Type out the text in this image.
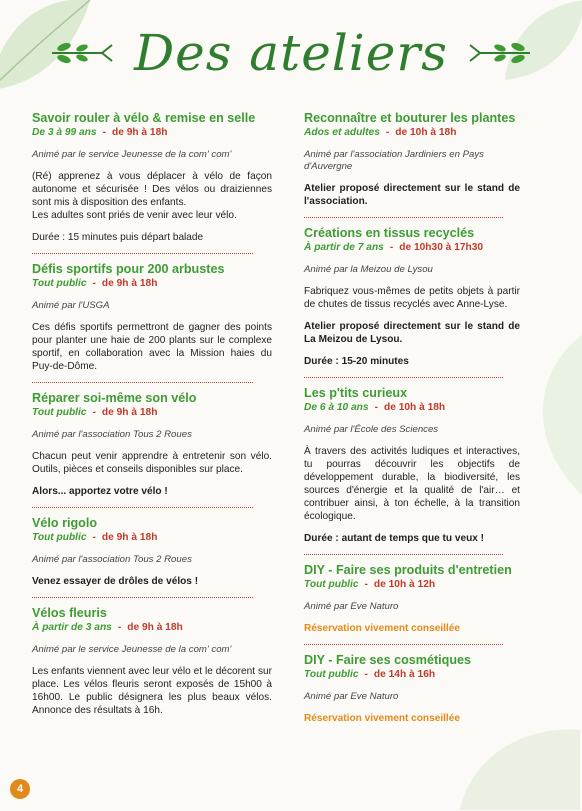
Des ateliers
Savoir rouler à vélo & remise en selle
De 3 à 99 ans - de 9h à 18h
Animé par le service Jeunesse de la com' com'
(Ré) apprenez à vous déplacer à vélo de façon autonome et sécurisée ! Des vélos ou draiziennes sont mis à disposition des enfants.
Les adultes sont priés de venir avec leur vélo.
Durée : 15 minutes puis départ balade
Défis sportifs pour 200 arbustes
Tout public - de 9h à 18h
Animé par l'USGA
Ces défis sportifs permettront de gagner des points pour planter une haie de 200 plants sur le complexe sportif, en collaboration avec la Mission haies du Puy-de-Dôme.
Réparer soi-même son vélo
Tout public - de 9h à 18h
Animé par l'association Tous 2 Roues
Chacun peut venir apprendre à entretenir son vélo. Outils, pièces et conseils disponibles sur place.
Alors... apportez votre vélo !
Vélo rigolo
Tout public - de 9h à 18h
Animé par l'association Tous 2 Roues
Venez essayer de drôles de vélos !
Vélos fleuris
À partir de 3 ans - de 9h à 18h
Animé par le service Jeunesse de la com' com'
Les enfants viennent avec leur vélo et le décorent sur place. Les vélos fleuris seront exposés de 15h00 à 16h00. Le public désignera les plus beaux vélos. Annonce des résultats à 16h.
Reconnaître et bouturer les plantes
Ados et adultes - de 10h à 18h
Animé par l'association Jardiniers en Pays d'Auvergne
Atelier proposé directement sur le stand de l'association.
Créations en tissus recyclés
À partir de 7 ans - de 10h30 à 17h30
Animé par la Meizou de Lysou
Fabriquez vous-mêmes de petits objets à partir de chutes de tissus recyclés avec Anne-Lyse.
Atelier proposé directement sur le stand de La Meizou de Lysou.
Durée : 15-20 minutes
Les p'tits curieux
De 6 à 10 ans - de 10h à 18h
Animé par l'École des Sciences
À travers des activités ludiques et interactives, tu pourras découvrir les objectifs de développement durable, la biodiversité, les sources d'énergie et la qualité de l'air… et contribuer ainsi, à ton échelle, à la transition écologique.
Durée : autant de temps que tu veux !
DIY - Faire ses produits d'entretien
Tout public - de 10h à 12h
Animé par Eve Naturo
Réservation vivement conseillée
DIY - Faire ses cosmétiques
Tout public - de 14h à 16h
Animé par Eve Naturo
Réservation vivement conseillée
4
